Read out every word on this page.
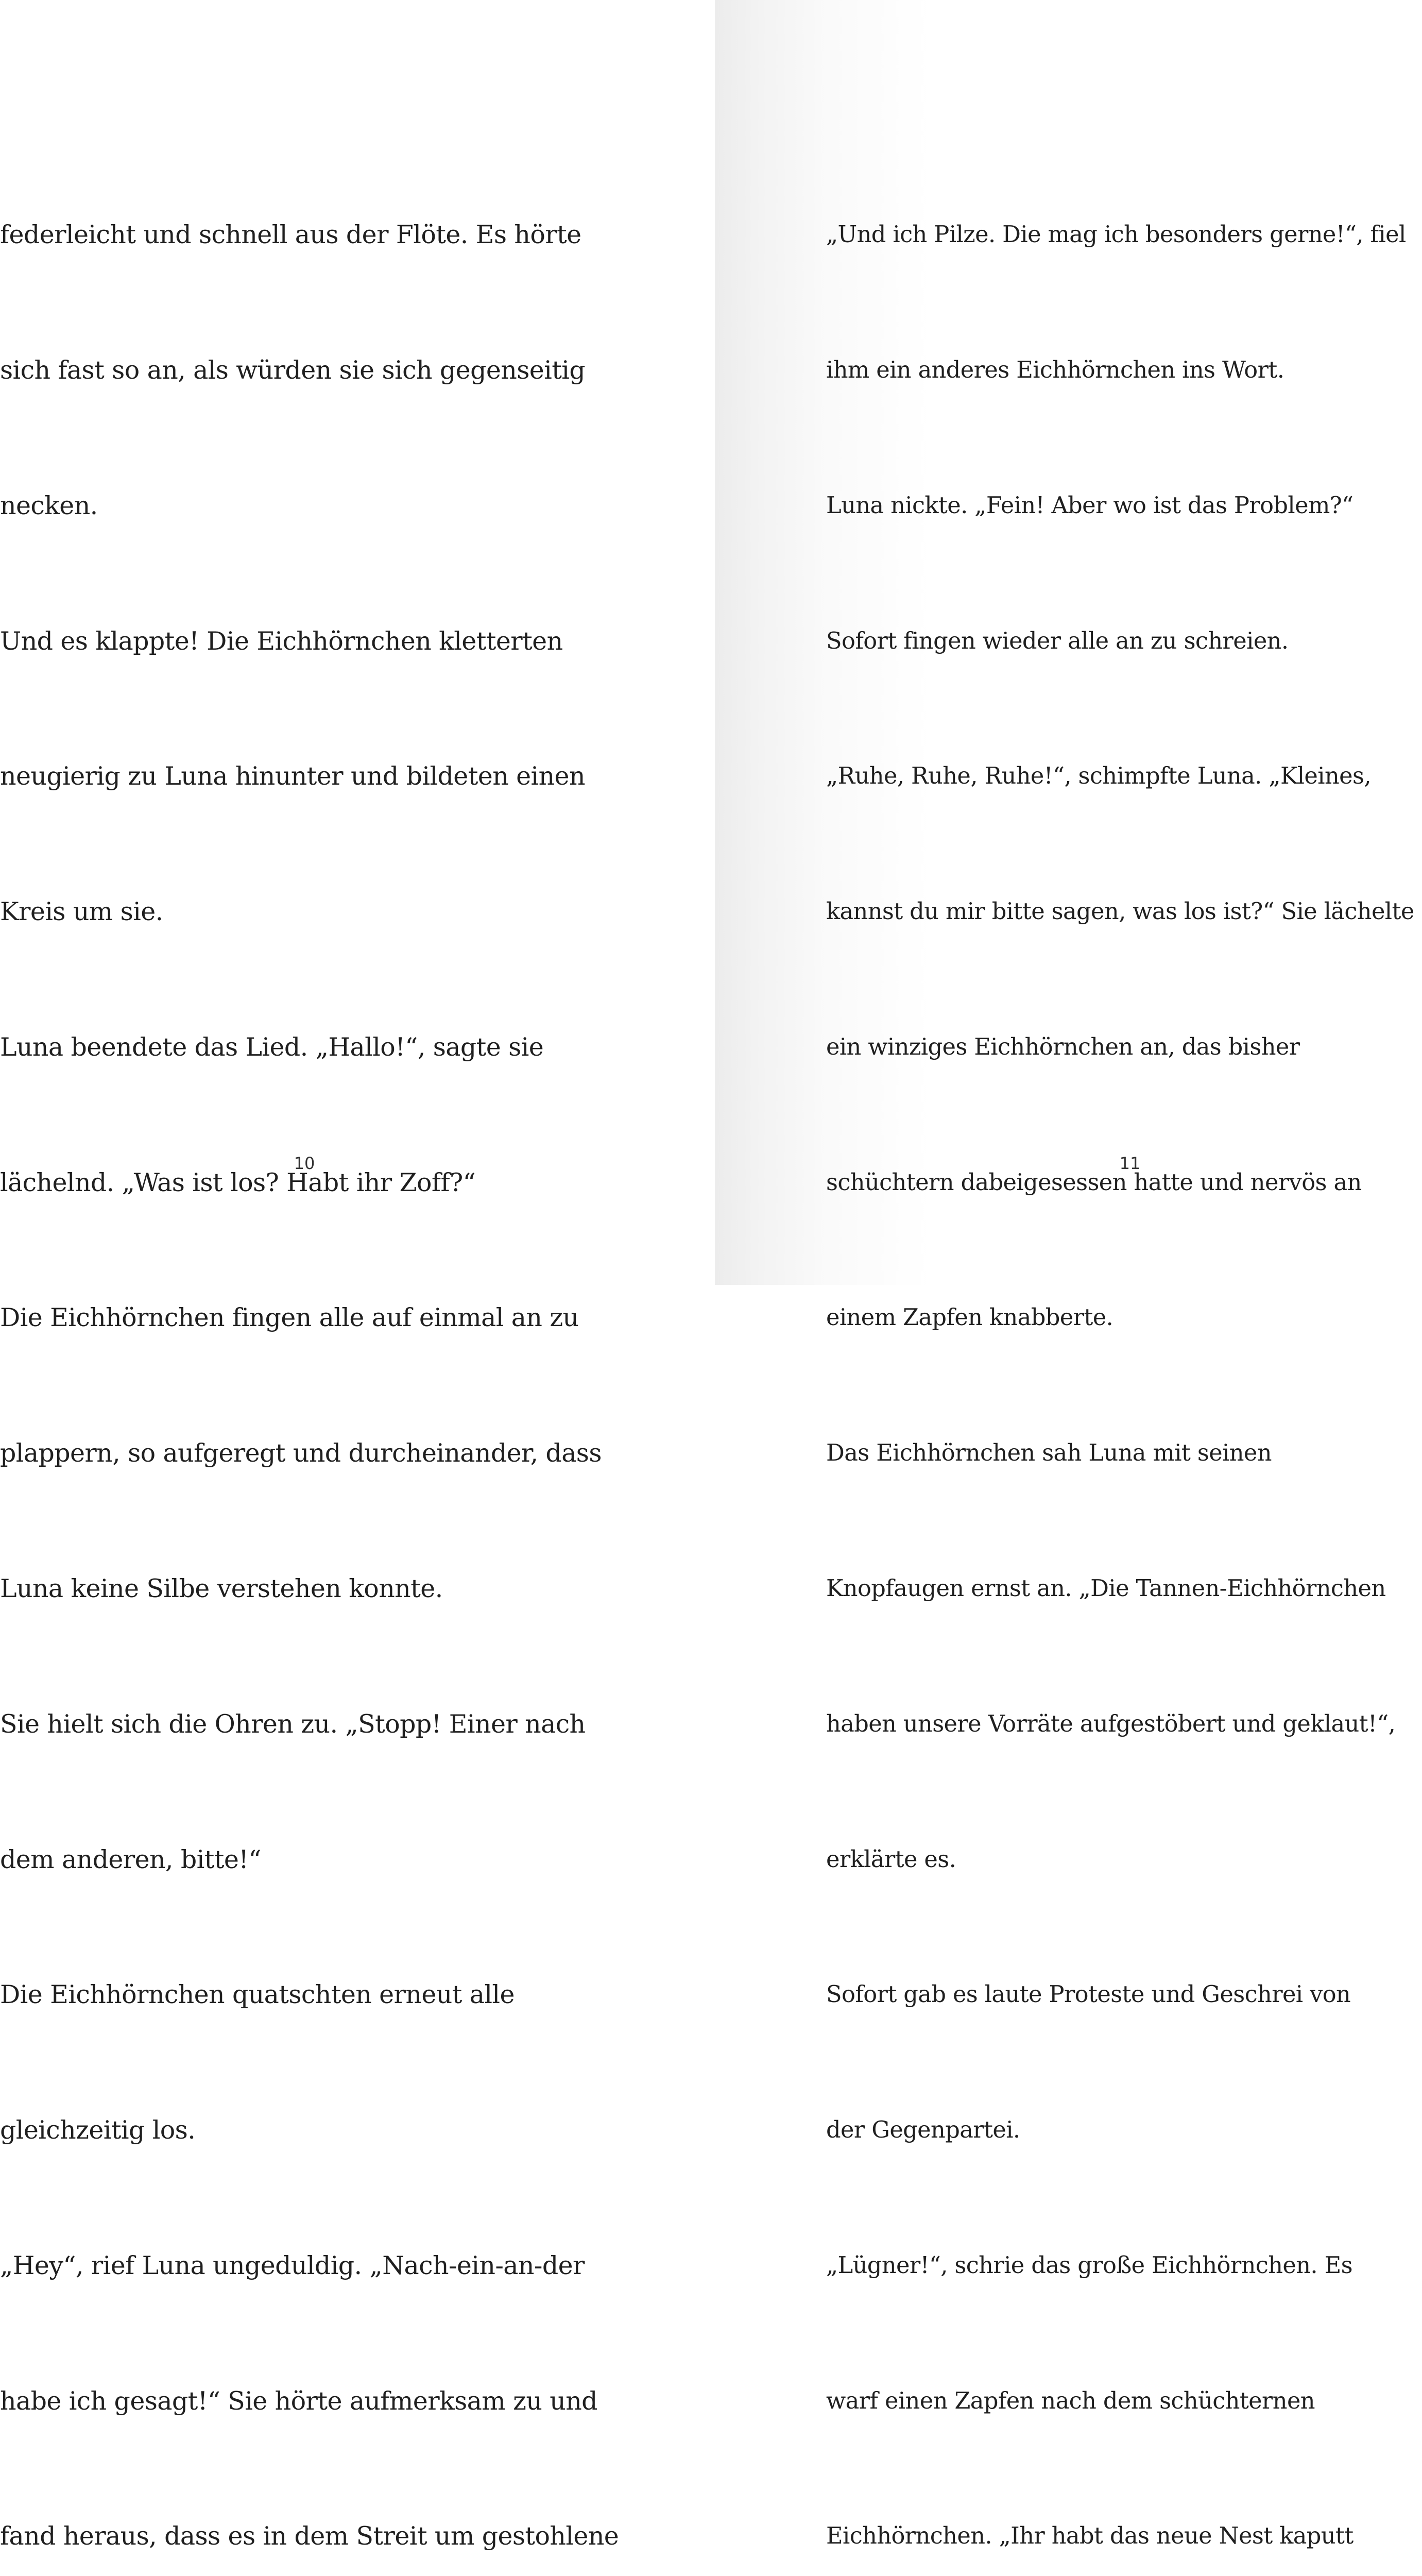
federleicht und schnell aus der Flöte. Es hörte

sich fast so an, als würden sie sich gegenseitig

necken.

Und es klappte! Die Eichhörnchen kletterten

neugierig zu Luna hinunter und bildeten einen

Kreis um sie.

Luna beendete das Lied. „Hallo!“, sagte sie

lächelnd. „Was ist los? Habt ihr Zoff?“

Die Eichhörnchen fingen alle auf einmal an zu

plappern, so aufgeregt und durcheinander, dass

Luna keine Silbe verstehen konnte.

Sie hielt sich die Ohren zu. „Stopp! Einer nach

dem anderen, bitte!“

Die Eichhörnchen quatschten erneut alle

gleichzeitig los.

„Hey“, rief Luna ungeduldig. „Nach-ein-an-der

habe ich gesagt!“ Sie hörte aufmerksam zu und

fand heraus, dass es in dem Streit um gestohlene

10

„Und ich Pilze. Die mag ich besonders gerne!“, fiel

ihm ein anderes Eichhörnchen ins Wort.

Luna nickte. „Fein! Aber wo ist das Problem?“

Sofort fingen wieder alle an zu schreien.

„Ruhe, Ruhe, Ruhe!“, schimpfte Luna. „Kleines,

kannst du mir bitte sagen, was los ist?“ Sie lächelte

ein winziges Eichhörnchen an, das bisher

schüchtern dabeigesessen hatte und nervös an

einem Zapfen knabberte.

Das Eichhörnchen sah Luna mit seinen

Knopfaugen ernst an. „Die Tannen-Eichhörnchen

haben unsere Vorräte aufgestöbert und geklaut!“,

erklärte es.

Sofort gab es laute Proteste und Geschrei von

der Gegenpartei.

„Lügner!“, schrie das große Eichhörnchen. Es

warf einen Zapfen nach dem schüchternen

Eichhörnchen. „Ihr habt das neue Nest kaputt

11
